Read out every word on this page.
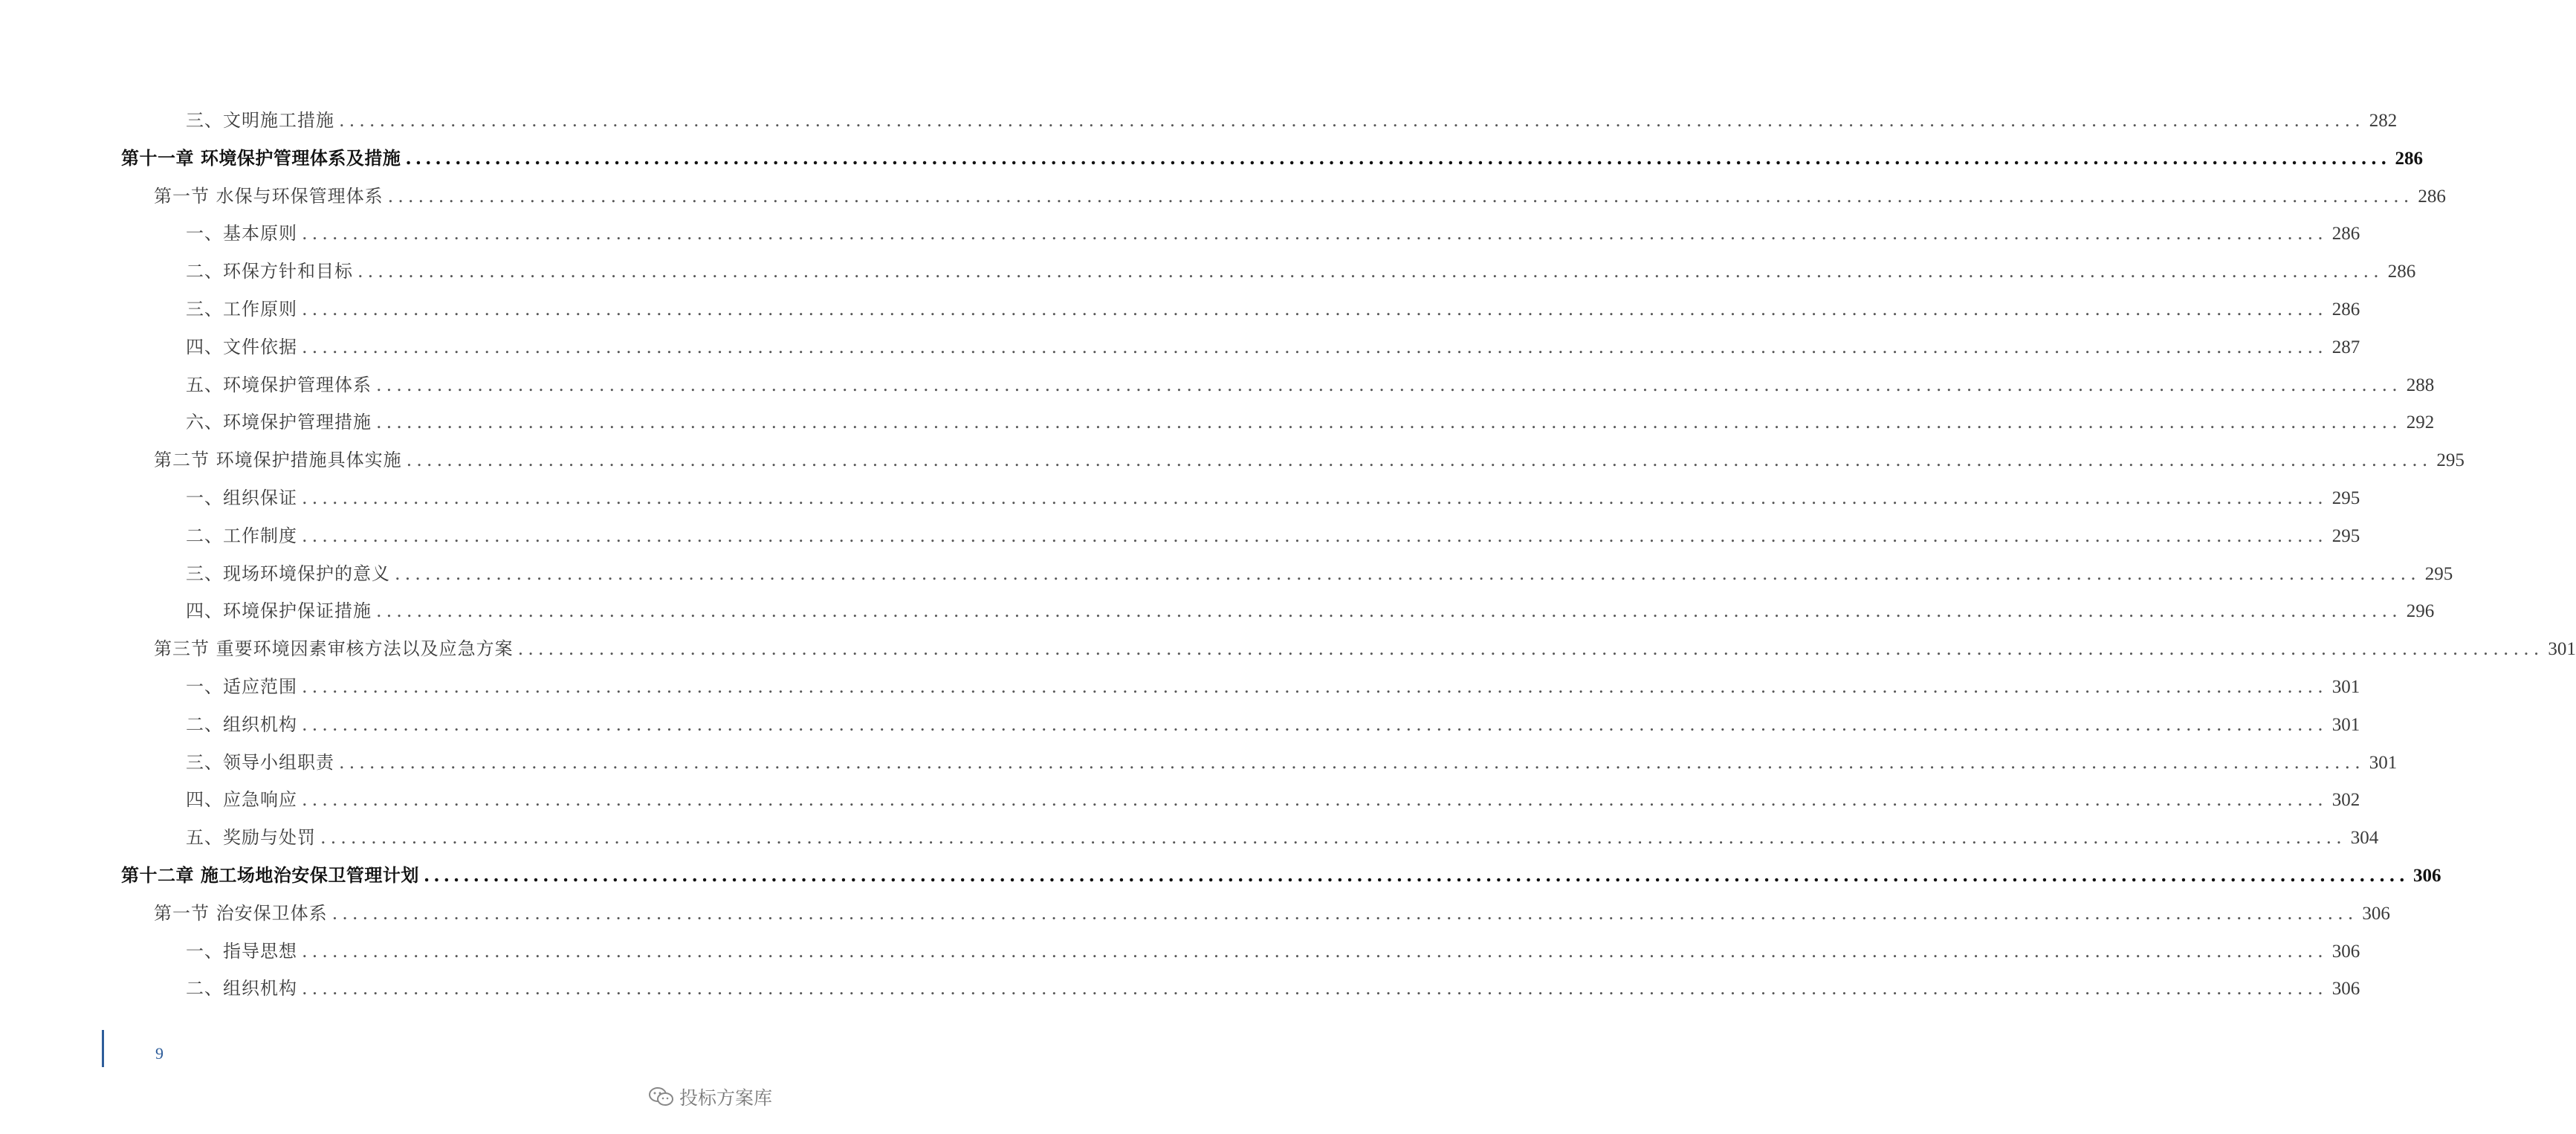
三、文明施工措施 ........................................................................................................................................................................................................ 282
第十一章 环境保护管理体系及措施 ........................................................................................................................................................................................................ 286
第一节 水保与环保管理体系 ........................................................................................................................................................................................................ 286
一、基本原则 ........................................................................................................................................................................................................ 286
二、环保方针和目标 ........................................................................................................................................................................................................ 286
三、工作原则 ........................................................................................................................................................................................................ 286
四、文件依据 ........................................................................................................................................................................................................ 287
五、环境保护管理体系 ........................................................................................................................................................................................................ 288
六、环境保护管理措施 ........................................................................................................................................................................................................ 292
第二节 环境保护措施具体实施 ........................................................................................................................................................................................................ 295
一、组织保证 ........................................................................................................................................................................................................ 295
二、工作制度 ........................................................................................................................................................................................................ 295
三、现场环境保护的意义 ........................................................................................................................................................................................................ 295
四、环境保护保证措施 ........................................................................................................................................................................................................ 296
第三节 重要环境因素审核方法以及应急方案 ........................................................................................................................................................................................................ 301
一、适应范围 ........................................................................................................................................................................................................ 301
二、组织机构 ........................................................................................................................................................................................................ 301
三、领导小组职责 ........................................................................................................................................................................................................ 301
四、应急响应 ........................................................................................................................................................................................................ 302
五、奖励与处罚 ........................................................................................................................................................................................................ 304
第十二章 施工场地治安保卫管理计划 ........................................................................................................................................................................................................ 306
第一节 治安保卫体系 ........................................................................................................................................................................................................ 306
一、指导思想 ........................................................................................................................................................................................................ 306
二、组织机构 ........................................................................................................................................................................................................ 306
9
投标方案库
